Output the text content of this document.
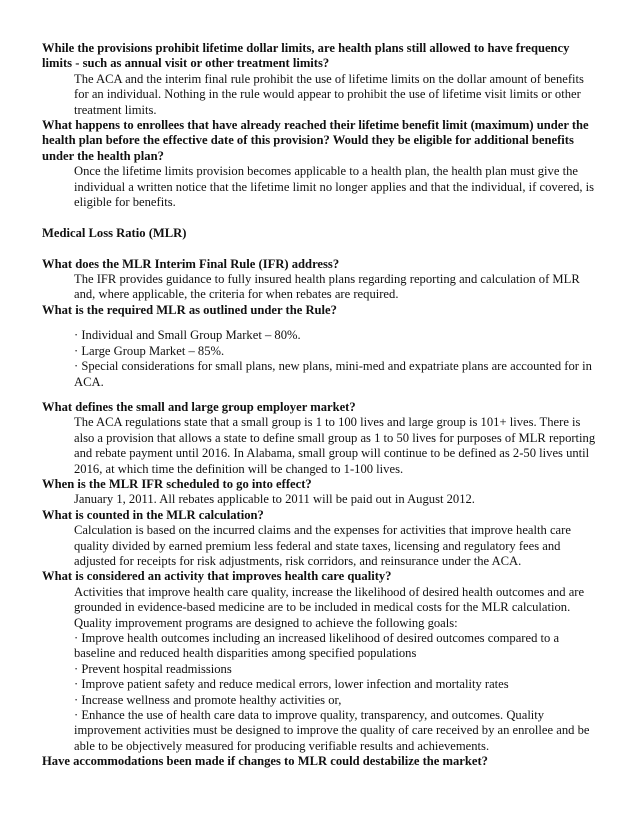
While the provisions prohibit lifetime dollar limits, are health plans still allowed to have frequency limits - such as annual visit or other treatment limits?

The ACA and the interim final rule prohibit the use of lifetime limits on the dollar amount of benefits for an individual. Nothing in the rule would appear to prohibit the use of lifetime visit limits or other treatment limits.

What happens to enrollees that have already reached their lifetime benefit limit (maximum) under the health plan before the effective date of this provision? Would they be eligible for additional benefits under the health plan?

Once the lifetime limits provision becomes applicable to a health plan, the health plan must give the individual a written notice that the lifetime limit no longer applies and that the individual, if covered, is eligible for benefits.

Medical Loss Ratio (MLR)

What does the MLR Interim Final Rule (IFR) address?

The IFR provides guidance to fully insured health plans regarding reporting and calculation of MLR and, where applicable, the criteria for when rebates are required.

What is the required MLR as outlined under the Rule?

· Individual and Small Group Market – 80%.

· Large Group Market – 85%.

· Special considerations for small plans, new plans, mini-med and expatriate plans are accounted for in ACA.

What defines the small and large group employer market?

The ACA regulations state that a small group is 1 to 100 lives and large group is 101+ lives. There is also a provision that allows a state to define small group as 1 to 50 lives for purposes of MLR reporting and rebate payment until 2016. In Alabama, small group will continue to be defined as 2-50 lives until 2016, at which time the definition will be changed to 1-100 lives.

When is the MLR IFR scheduled to go into effect?

January 1, 2011. All rebates applicable to 2011 will be paid out in August 2012.

What is counted in the MLR calculation?

Calculation is based on the incurred claims and the expenses for activities that improve health care quality divided by earned premium less federal and state taxes, licensing and regulatory fees and adjusted for receipts for risk adjustments, risk corridors, and reinsurance under the ACA.

What is considered an activity that improves health care quality?

Activities that improve health care quality, increase the likelihood of desired health outcomes and are grounded in evidence-based medicine are to be included in medical costs for the MLR calculation. Quality improvement programs are designed to achieve the following goals:

· Improve health outcomes including an increased likelihood of desired outcomes compared to a baseline and reduced health disparities among specified populations

· Prevent hospital readmissions

· Improve patient safety and reduce medical errors, lower infection and mortality rates

· Increase wellness and promote healthy activities or,

· Enhance the use of health care data to improve quality, transparency, and outcomes. Quality improvement activities must be designed to improve the quality of care received by an enrollee and be able to be objectively measured for producing verifiable results and achievements.

Have accommodations been made if changes to MLR could destabilize the market?
